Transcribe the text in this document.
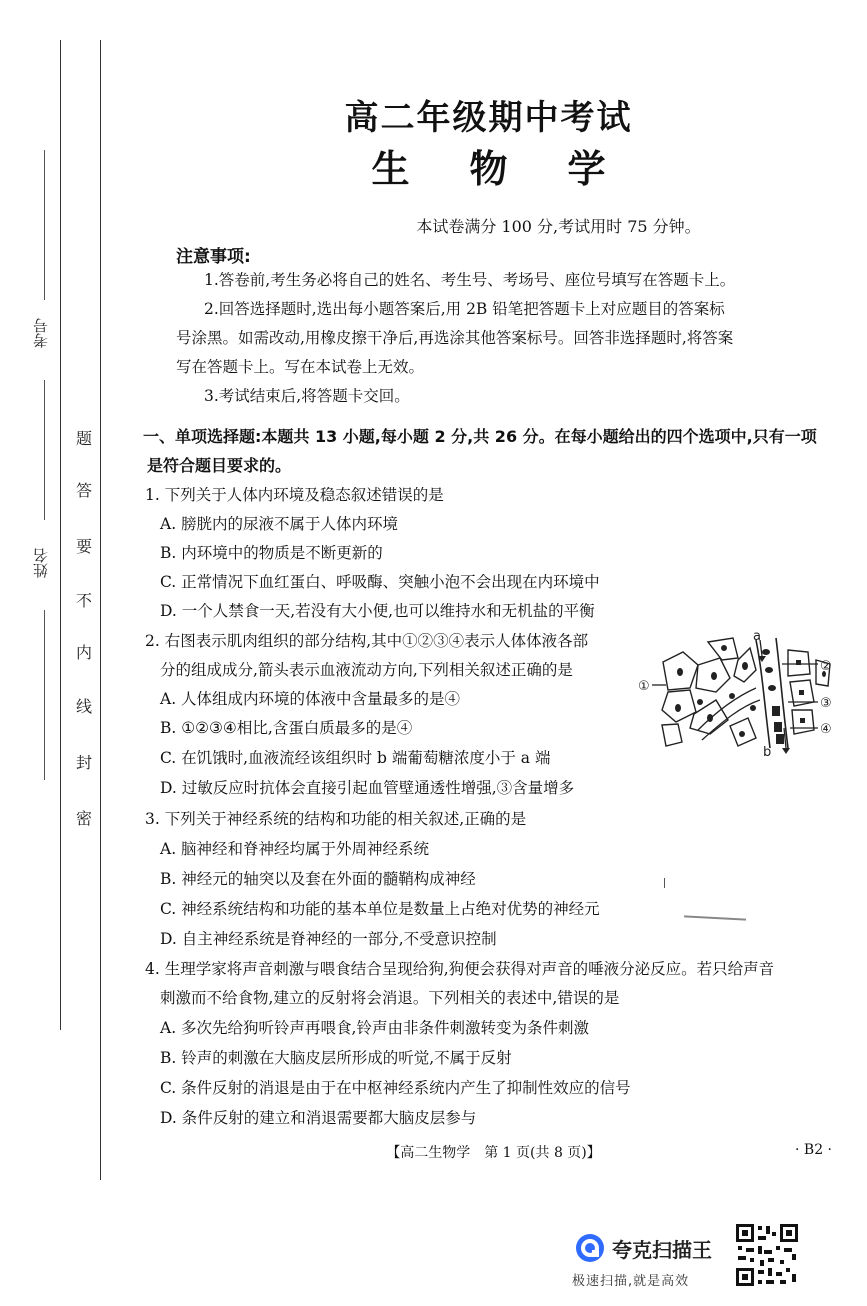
考号
姓名
题
答
要
不
内
线
封
密
高二年级期中考试
生物学
本试卷满分 100 分,考试用时 75 分钟。
注意事项:
1.答卷前,考生务必将自己的姓名、考生号、考场号、座位号填写在答题卡上。
2.回答选择题时,选出每小题答案后,用 2B 铅笔把答题卡上对应题目的答案标
号涂黑。如需改动,用橡皮擦干净后,再选涂其他答案标号。回答非选择题时,将答案
写在答题卡上。写在本试卷上无效。
3.考试结束后,将答题卡交回。
一、单项选择题:本题共 13 小题,每小题 2 分,共 26 分。在每小题给出的四个选项中,只有一项
是符合题目要求的。
1. 下列关于人体内环境及稳态叙述错误的是
A. 膀胱内的尿液不属于人体内环境
B. 内环境中的物质是不断更新的
C. 正常情况下血红蛋白、呼吸酶、突触小泡不会出现在内环境中
D. 一个人禁食一天,若没有大小便,也可以维持水和无机盐的平衡
2. 右图表示肌肉组织的部分结构,其中①②③④表示人体体液各部
分的组成成分,箭头表示血液流动方向,下列相关叙述正确的是
A. 人体组成内环境的体液中含量最多的是④
B. ①②③④相比,含蛋白质最多的是④
C. 在饥饿时,血液流经该组织时 b 端葡萄糖浓度小于 a 端
D. 过敏反应时抗体会直接引起血管壁通透性增强,③含量增多
a
b
①
②
③
④
3. 下列关于神经系统的结构和功能的相关叙述,正确的是
A. 脑神经和脊神经均属于外周神经系统
B. 神经元的轴突以及套在外面的髓鞘构成神经
C. 神经系统结构和功能的基本单位是数量上占绝对优势的神经元
D. 自主神经系统是脊神经的一部分,不受意识控制
4. 生理学家将声音刺激与喂食结合呈现给狗,狗便会获得对声音的唾液分泌反应。若只给声音
刺激而不给食物,建立的反射将会消退。下列相关的表述中,错误的是
A. 多次先给狗听铃声再喂食,铃声由非条件刺激转变为条件刺激
B. 铃声的刺激在大脑皮层所形成的听觉,不属于反射
C. 条件反射的消退是由于在中枢神经系统内产生了抑制性效应的信号
D. 条件反射的建立和消退需要都大脑皮层参与
【高二生物学　第 1 页(共 8 页)】	· B2 ·
夸克扫描王
极速扫描,就是高效
